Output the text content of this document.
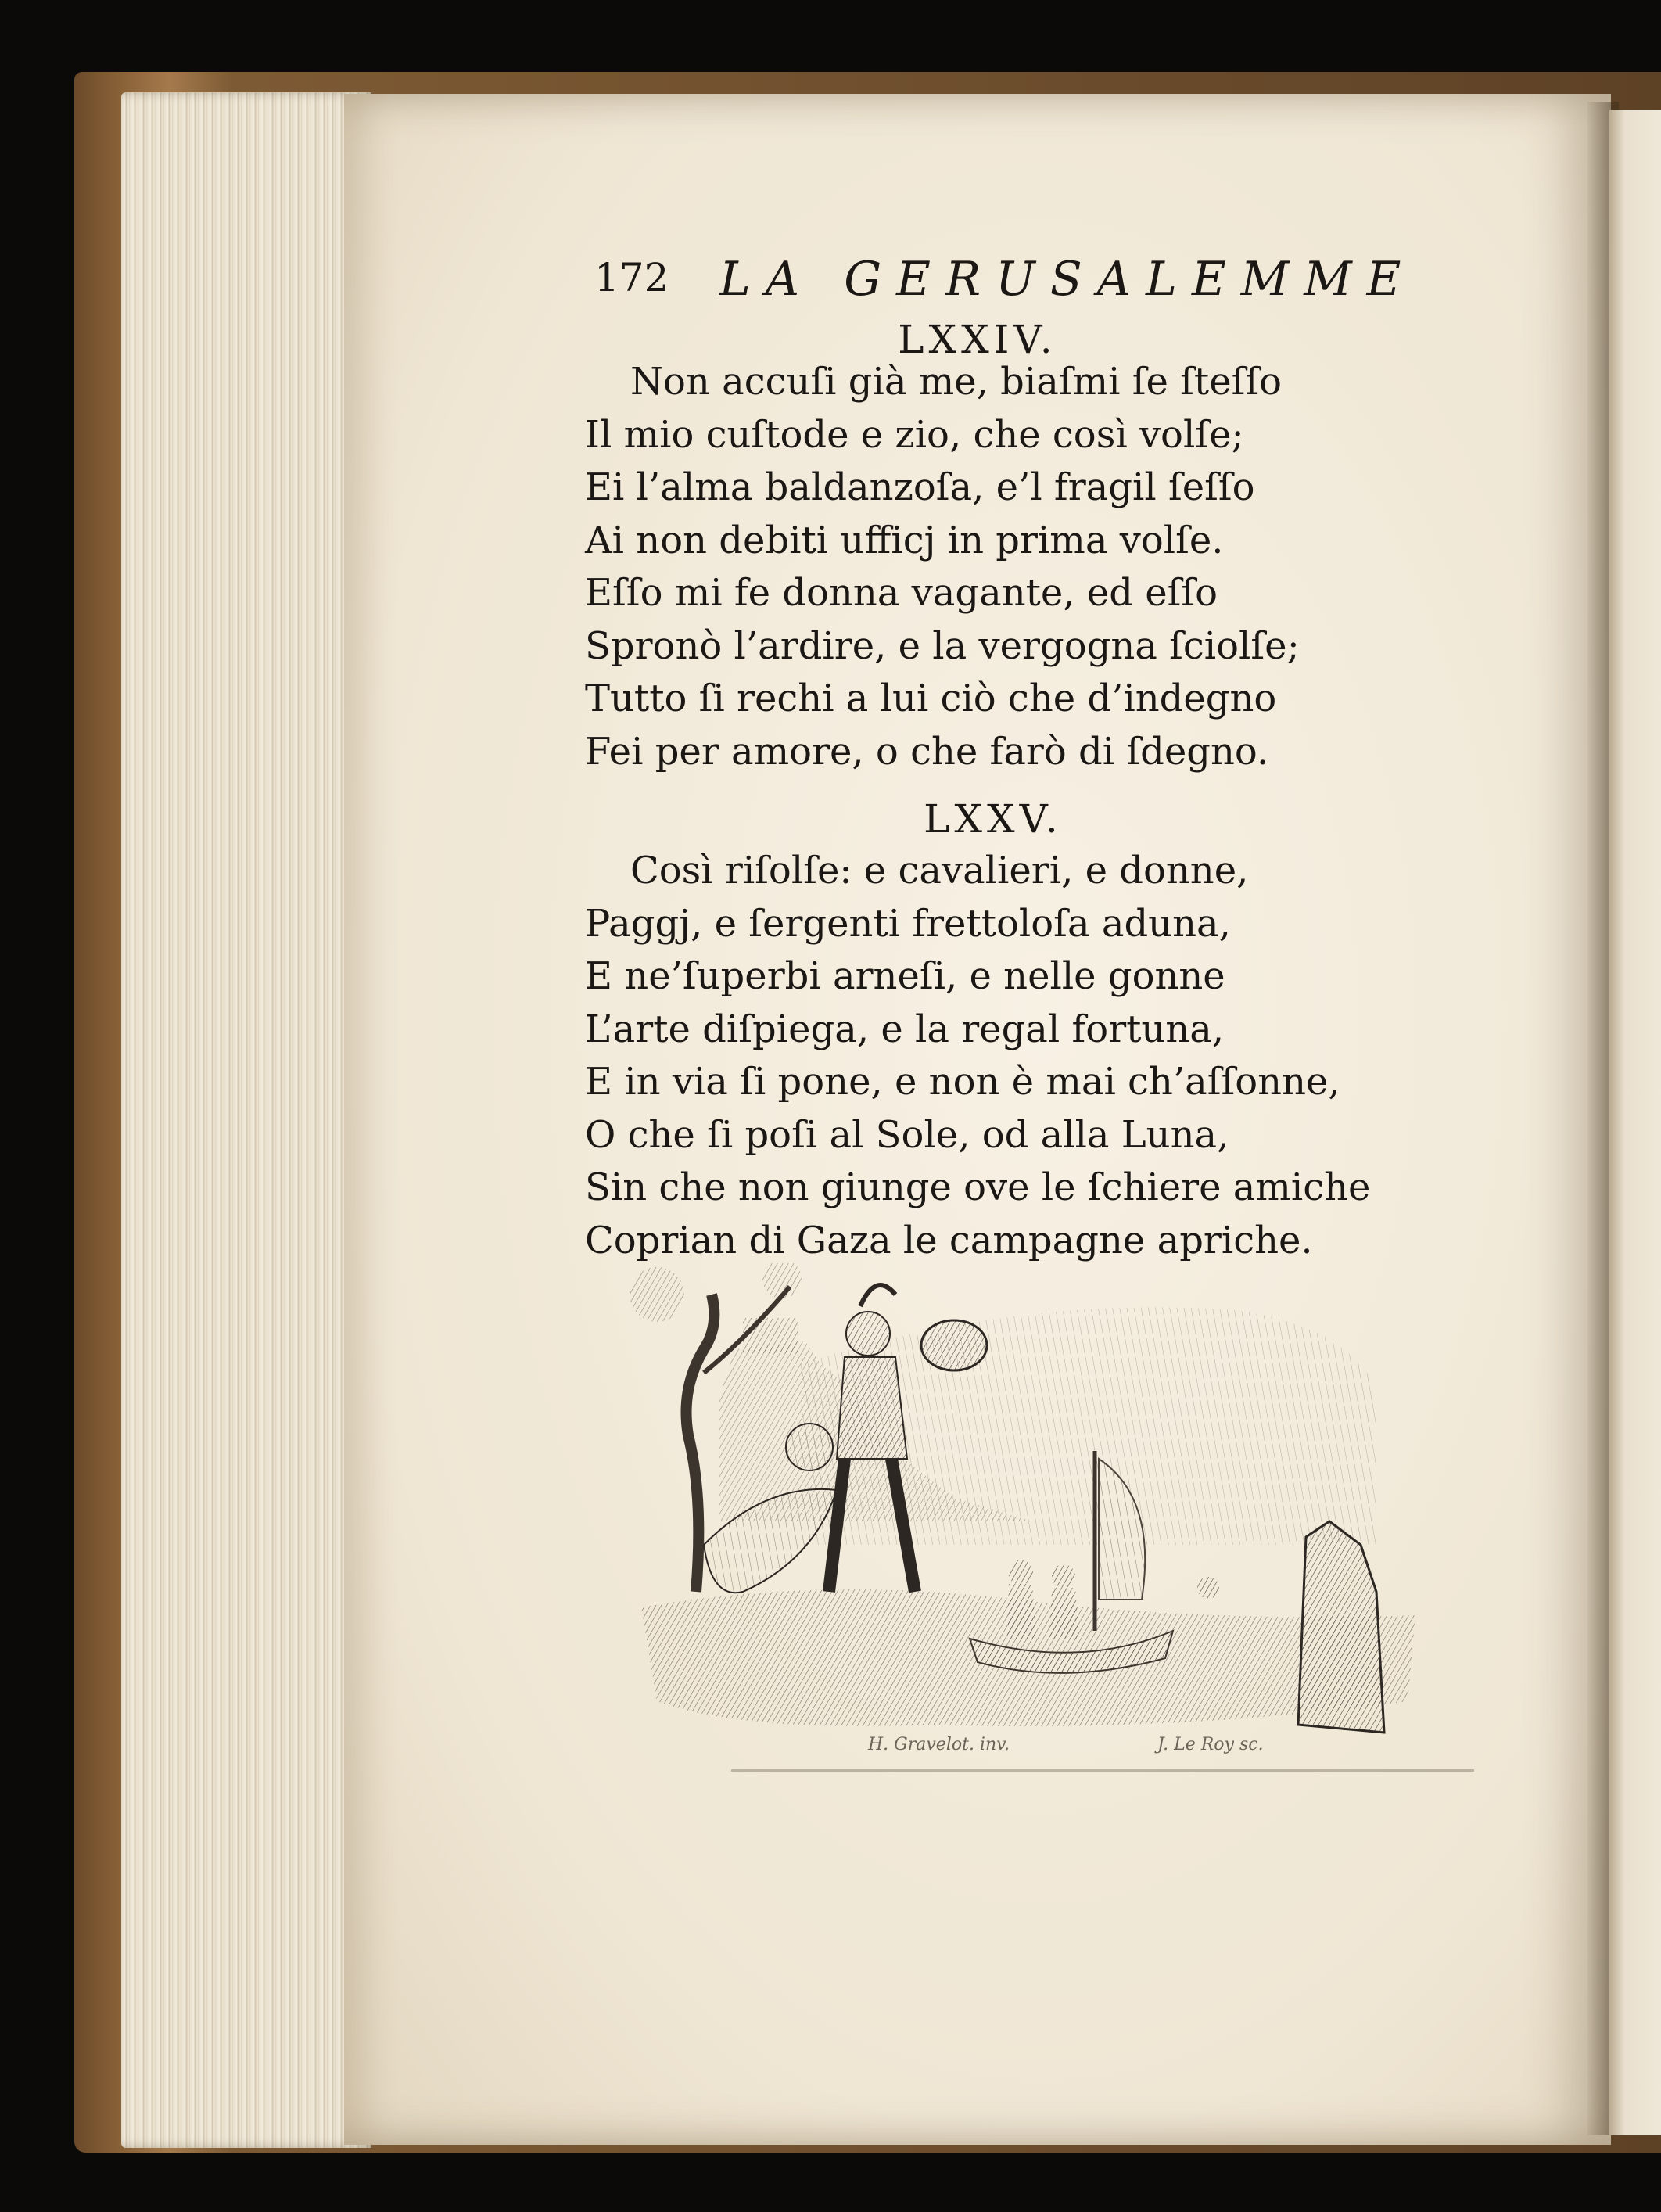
172 LA GERUSALEMME
LXXIV.
Non accuſi già me, biaſmi ſe ſteſſo
Il mio cuſtode e zio, che così volſe;
Ei l’alma baldanzoſa, e’l fragil ſeſſo
Ai non debiti ufficj in prima volſe.
Eſſo mi fe donna vagante, ed eſſo
Spronò l’ardire, e la vergogna ſciolſe;
Tutto ſi rechi a lui ciò che d’indegno
Fei per amore, o che farò di ſdegno.
LXXV.
Così riſolſe: e cavalieri, e donne,
Paggj, e ſergenti frettoloſa aduna,
E ne’ſuperbi arneſi, e nelle gonne
L’arte diſpiega, e la regal fortuna,
E in via ſi pone, e non è mai ch’aſſonne,
O che ſi poſi al Sole, od alla Luna,
Sin che non giunge ove le ſchiere amiche
Coprian di Gaza le campagne apriche.
H. Gravelot. inv.	J. Le Roy sc.
